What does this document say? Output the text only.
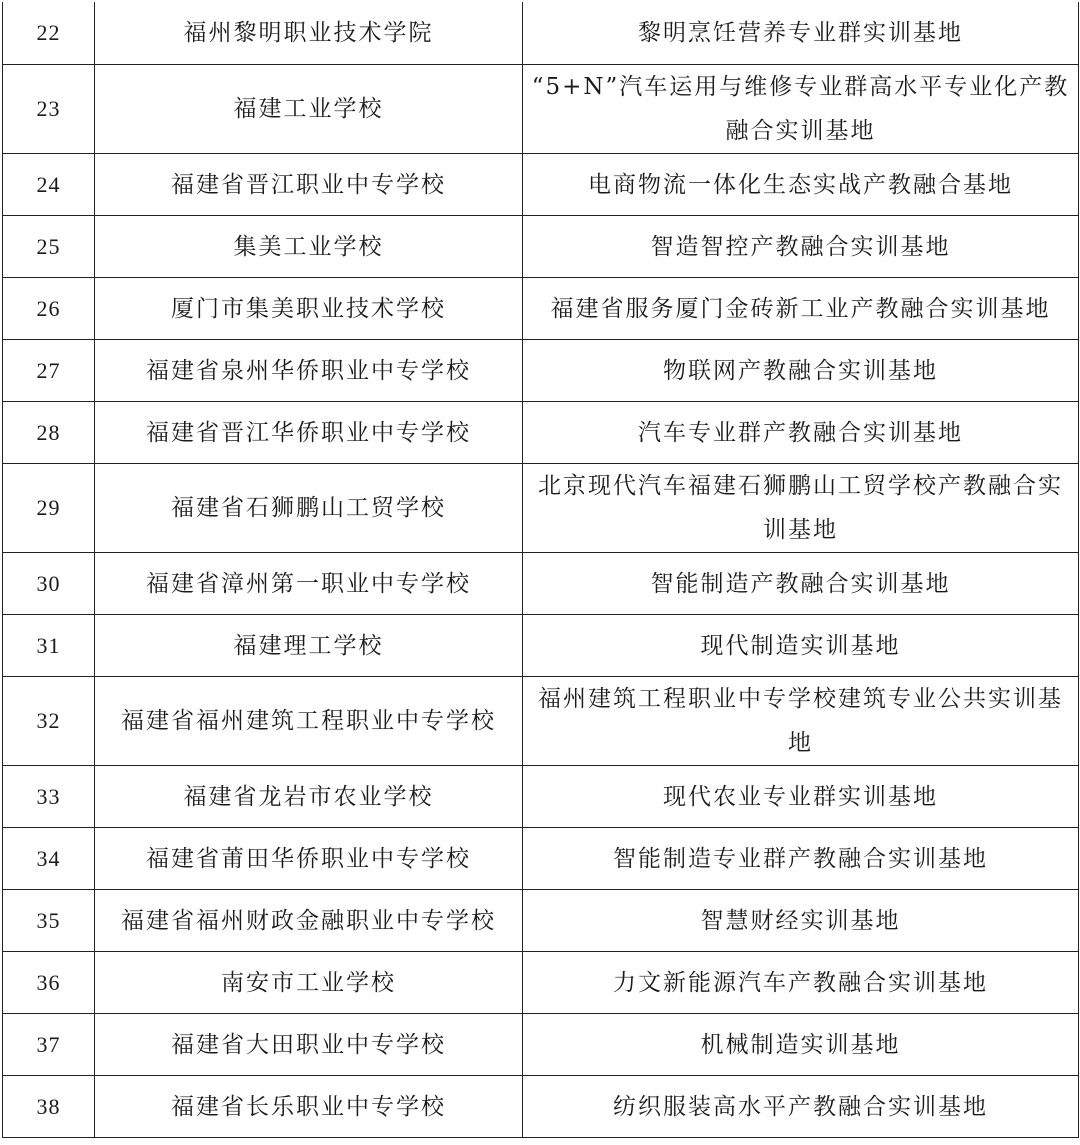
22	福州黎明职业技术学院	黎明烹饪营养专业群实训基地
23	福建工业学校	“5+N”汽车运用与维修专业群高水平专业化产教融合实训基地
24	福建省晋江职业中专学校	电商物流一体化生态实战产教融合基地
25	集美工业学校	智造智控产教融合实训基地
26	厦门市集美职业技术学校	福建省服务厦门金砖新工业产教融合实训基地
27	福建省泉州华侨职业中专学校	物联网产教融合实训基地
28	福建省晋江华侨职业中专学校	汽车专业群产教融合实训基地
29	福建省石狮鹏山工贸学校	北京现代汽车福建石狮鹏山工贸学校产教融合实训基地
30	福建省漳州第一职业中专学校	智能制造产教融合实训基地
31	福建理工学校	现代制造实训基地
32	福建省福州建筑工程职业中专学校	福州建筑工程职业中专学校建筑专业公共实训基地
33	福建省龙岩市农业学校	现代农业专业群实训基地
34	福建省莆田华侨职业中专学校	智能制造专业群产教融合实训基地
35	福建省福州财政金融职业中专学校	智慧财经实训基地
36	南安市工业学校	力文新能源汽车产教融合实训基地
37	福建省大田职业中专学校	机械制造实训基地
38	福建省长乐职业中专学校	纺织服装高水平产教融合实训基地
